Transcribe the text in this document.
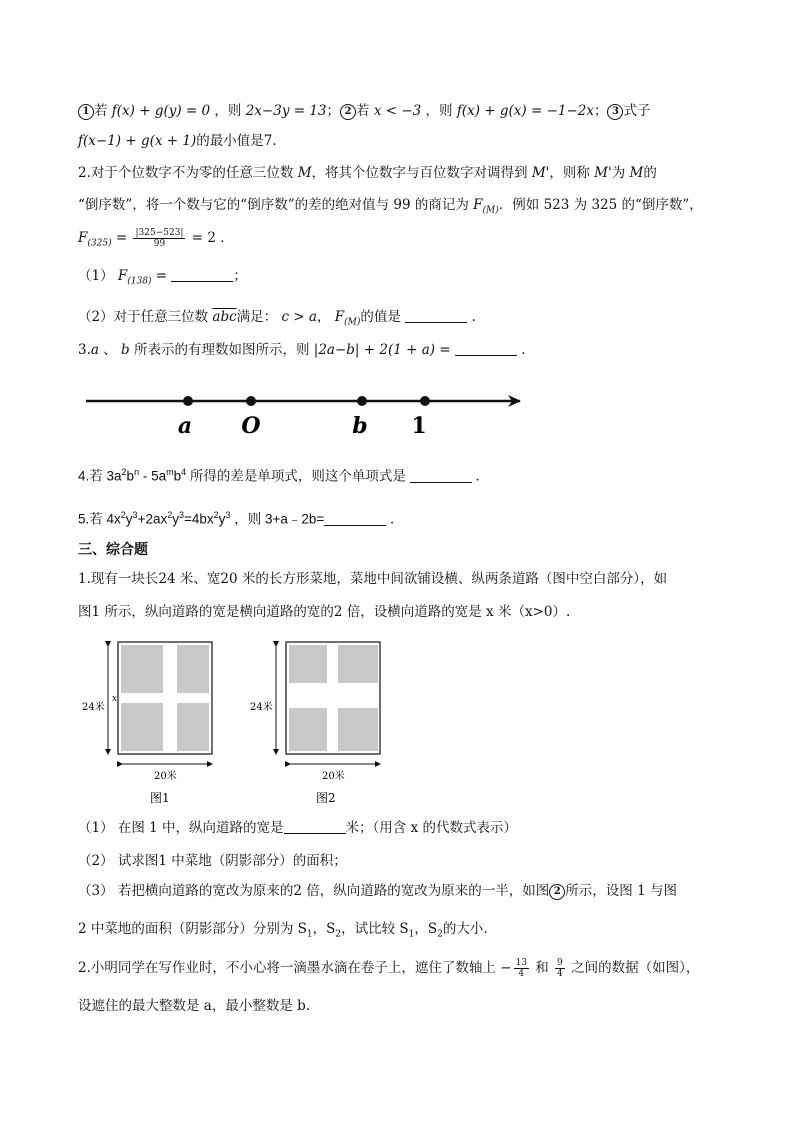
1 若 f(x) + g(y) = 0 ，则 2x−3y = 13； 2 若 x < −3 ，则 f(x) + g(x) = −1−2x； 3 式子
f(x−1) + g(x + 1)的最小值是7.
2.对于个位数字不为零的任意三位数 M，将其个位数字与百位数字对调得到 M'，则称 M'为 M的
“倒序数”，将一个数与它的“倒序数”的差的绝对值与 99 的商记为 $F_{(M)}$．例如 523 为 325 的“倒序数”，
$F_{(325)} = \frac{|325-523|}{99} = 2$ ．
（1） $F_{(138)}$ =	；
（2）对于任意三位数 $\overline{abc}$满足： c > a， $F_{(M)}$的值是	.
3.a 、 b 所表示的有理数如图所示，则 |2a−b| + 2(1 + a) =	．
a O	b 1
4.若 $3a^2b^n - 5a^mb^4$ 所得的差是单项式，则这个单项式是	．
5.若 $4x^2y^3+2ax^2y^3=4bx^2y^3$ ，则 3+a﹣2b=	．
三、综合题
1.现有一块长24 米、宽20 米的长方形菜地，菜地中间欲铺设横、纵两条道路（图中空白部分），如
图1 所示，纵向道路的宽是横向道路的宽的2 倍，设横向道路的宽是 x 米（x>0）.
24米
x
20米
图1
24米
20米
图2
（1） 在图 1 中，纵向道路的宽是	米；（用含 x 的代数式表示）
（2） 试求图1 中菜地（阴影部分）的面积；
（3） 若把横向道路的宽改为原来的2 倍，纵向道路的宽改为原来的一半，如图 2 所示，设图 1 与图
2 中菜地的面积（阴影部分）分别为 $S_1$，$S_2$，试比较 $S_1$，$S_2$的大小.
2.小明同学在写作业时，不小心将一滴墨水滴在卷子上，遮住了数轴上 − $\frac{13}{4}$ 和 $\frac{9}{4}$ 之间的数据（如图），
设遮住的最大整数是 a，最小整数是 b.
